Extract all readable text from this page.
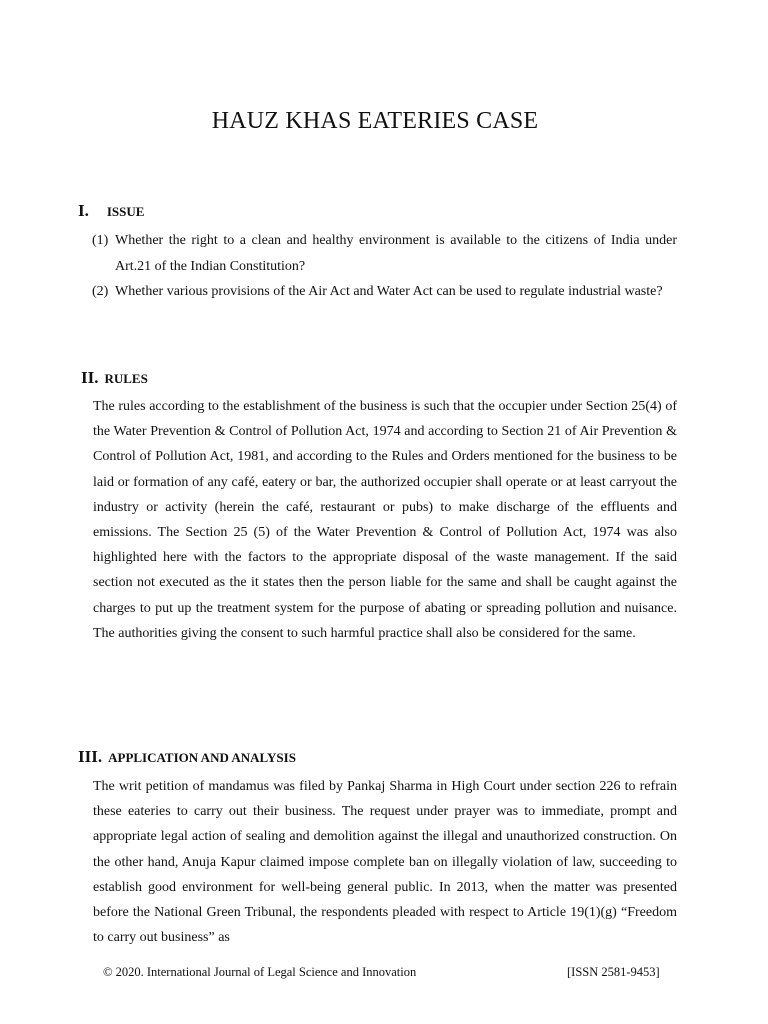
HAUZ KHAS EATERIES CASE
I. ISSUE
(1) Whether the right to a clean and healthy environment is available to the citizens of India under Art.21 of the Indian Constitution?
(2) Whether various provisions of the Air Act and Water Act can be used to regulate industrial waste?
II. RULES

The rules according to the establishment of the business is such that the occupier under Section 25(4) of the Water Prevention & Control of Pollution Act, 1974 and according to Section 21 of Air Prevention & Control of Pollution Act, 1981, and according to the Rules and Orders mentioned for the business to be laid or formation of any café, eatery or bar, the authorized occupier shall operate or at least carryout the industry or activity (herein the café, restaurant or pubs) to make discharge of the effluents and emissions. The Section 25 (5) of the Water Prevention & Control of Pollution Act, 1974 was also highlighted here with the factors to the appropriate disposal of the waste management. If the said section not executed as the it states then the person liable for the same and shall be caught against the charges to put up the treatment system for the purpose of abating or spreading pollution and nuisance. The authorities giving the consent to such harmful practice shall also be considered for the same.

III. APPLICATION AND ANALYSIS

The writ petition of mandamus was filed by Pankaj Sharma in High Court under section 226 to refrain these eateries to carry out their business. The request under prayer was to immediate, prompt and appropriate legal action of sealing and demolition against the illegal and unauthorized construction. On the other hand, Anuja Kapur claimed impose complete ban on illegally violation of law, succeeding to establish good environment for well-being general public. In 2013, when the matter was presented before the National Green Tribunal, the respondents pleaded with respect to Article 19(1)(g) “Freedom to carry out business” as

© 2020. International Journal of Legal Science and Innovation	[ISSN 2581-9453]
